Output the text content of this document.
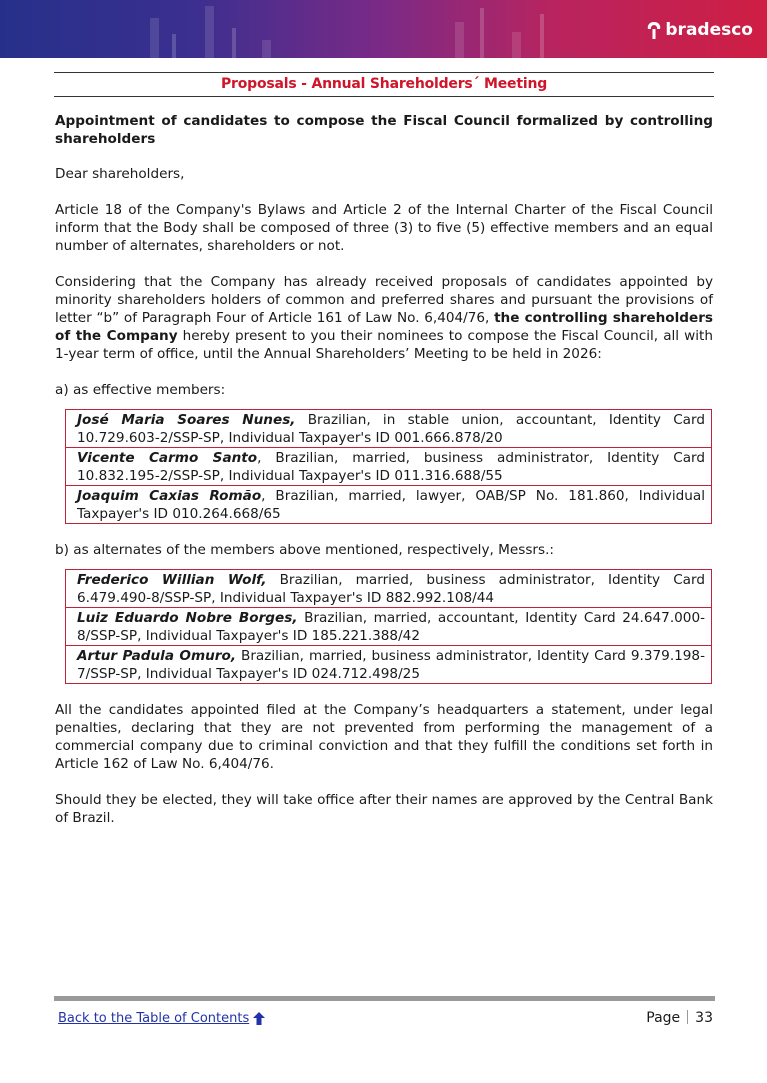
bradesco
Proposals - Annual Shareholders´ Meeting

Appointment of candidates to compose the Fiscal Council formalized by controlling shareholders

Dear shareholders,

Article 18 of the Company's Bylaws and Article 2 of the Internal Charter of the Fiscal Council inform that the Body shall be composed of three (3) to five (5) effective members and an equal number of alternates, shareholders or not.

Considering that the Company has already received proposals of candidates appointed by minority shareholders holders of common and preferred shares and pursuant the provisions of letter “b” of Paragraph Four of Article 161 of Law No. 6,404/76, the controlling shareholders of the Company hereby present to you their nominees to compose the Fiscal Council, all with 1-year term of office, until the Annual Shareholders’ Meeting to be held in 2026:

a) as effective members:

José Maria Soares Nunes, Brazilian, in stable union, accountant, Identity Card 10.729.603-2/SSP-SP, Individual Taxpayer's ID 001.666.878/20
Vicente Carmo Santo, Brazilian, married, business administrator, Identity Card 10.832.195-2/SSP-SP, Individual Taxpayer's ID 011.316.688/55
Joaquim Caxias Romão, Brazilian, married, lawyer, OAB/SP No. 181.860, Individual Taxpayer's ID 010.264.668/65

b) as alternates of the members above mentioned, respectively, Messrs.:

Frederico Willian Wolf, Brazilian, married, business administrator, Identity Card 6.479.490-8/SSP-SP, Individual Taxpayer's ID 882.992.108/44
Luiz Eduardo Nobre Borges, Brazilian, married, accountant, Identity Card 24.647.000-8/SSP-SP, Individual Taxpayer's ID 185.221.388/42
Artur Padula Omuro, Brazilian, married, business administrator, Identity Card 9.379.198-7/SSP-SP, Individual Taxpayer's ID 024.712.498/25

All the candidates appointed filed at the Company’s headquarters a statement, under legal penalties, declaring that they are not prevented from performing the management of a commercial company due to criminal conviction and that they fulfill the conditions set forth in Article 162 of Law No. 6,404/76.

Should they be elected, they will take office after their names are approved by the Central Bank of Brazil.

Back to the Table of Contents	Page 33
